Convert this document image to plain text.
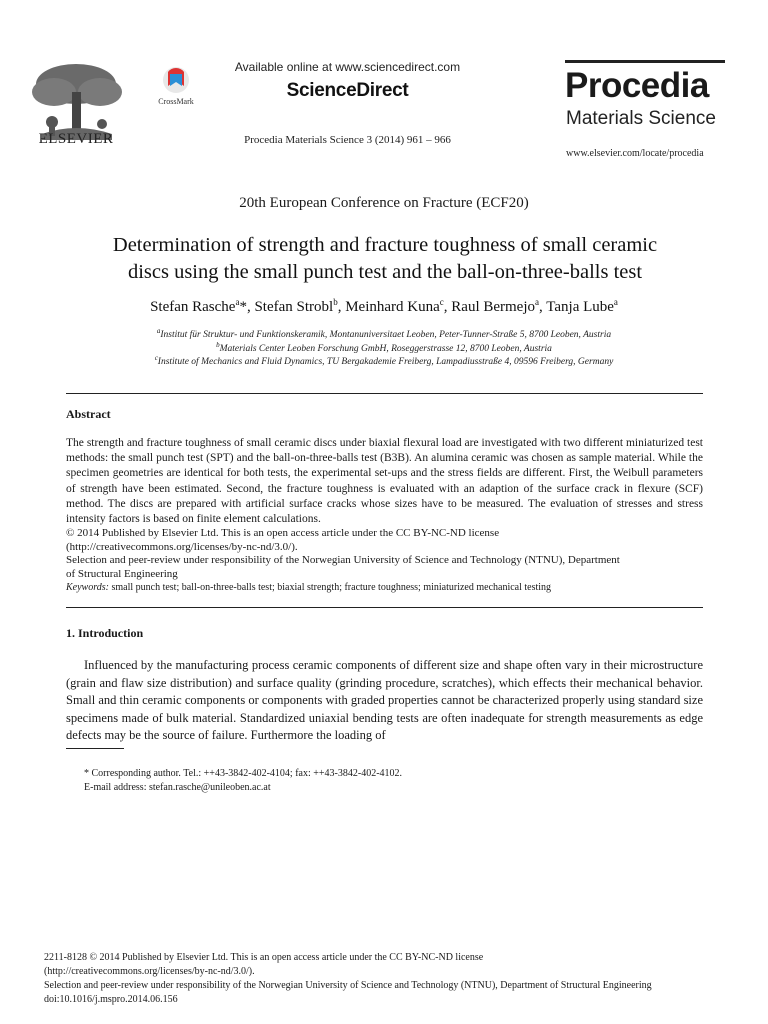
ELSEVIER
CrossMark
Available online at www.sciencedirect.com
ScienceDirect
Procedia Materials Science 3 (2014) 961 – 966
Procedia
Materials Science
www.elsevier.com/locate/procedia
20th European Conference on Fracture (ECF20)
Determination of strength and fracture toughness of small ceramic
discs using the small punch test and the ball-on-three-balls test
Stefan Rasche$^a$*, Stefan Strobl$^b$, Meinhard Kuna$^c$, Raul Bermejo$^a$, Tanja Lube$^a$
$^a$Institut für Struktur- und Funktionskeramik, Montanuniversitaet Leoben, Peter-Tunner-Straße 5, 8700 Leoben, Austria
$^b$Materials Center Leoben Forschung GmbH, Roseggerstrasse 12, 8700 Leoben, Austria
$^c$Institute of Mechanics and Fluid Dynamics, TU Bergakademie Freiberg, Lampadiusstraße 4, 09596 Freiberg, Germany
Abstract
The strength and fracture toughness of small ceramic discs under biaxial flexural load are investigated with two different miniaturized test methods: the small punch test (SPT) and the ball-on-three-balls test (B3B). An alumina ceramic was chosen as sample material. While the specimen geometries are identical for both tests, the experimental set-ups and the stress fields are different. First, the Weibull parameters of strength have been estimated. Second, the fracture toughness is evaluated with an adaption of the surface crack in flexure (SCF) method. The discs are prepared with artificial surface cracks whose sizes have to be measured. The evaluation of stresses and stress intensity factors is based on finite element calculations.
© 2014 Published by Elsevier Ltd. This is an open access article under the CC BY-NC-ND license
(http://creativecommons.org/licenses/by-nc-nd/3.0/).
Selection and peer-review under responsibility of the Norwegian University of Science and Technology (NTNU), Department
of Structural Engineering
Keywords: small punch test; ball-on-three-balls test; biaxial strength; fracture toughness; miniaturized mechanical testing
1. Introduction
Influenced by the manufacturing process ceramic components of different size and shape often vary in their microstructure (grain and flaw size distribution) and surface quality (grinding procedure, scratches), which effects their mechanical behavior. Small and thin ceramic components or components with graded properties cannot be characterized properly using standard size specimens made of bulk material. Standardized uniaxial bending tests are often inadequate for strength measurements as edge defects may be the source of failure. Furthermore the loading of
* Corresponding author. Tel.: ++43-3842-402-4104; fax: ++43-3842-402-4102.
E-mail address: stefan.rasche@unileoben.ac.at
2211-8128 © 2014 Published by Elsevier Ltd. This is an open access article under the CC BY-NC-ND license
(http://creativecommons.org/licenses/by-nc-nd/3.0/).
Selection and peer-review under responsibility of the Norwegian University of Science and Technology (NTNU), Department of Structural Engineering
doi:10.1016/j.mspro.2014.06.156
